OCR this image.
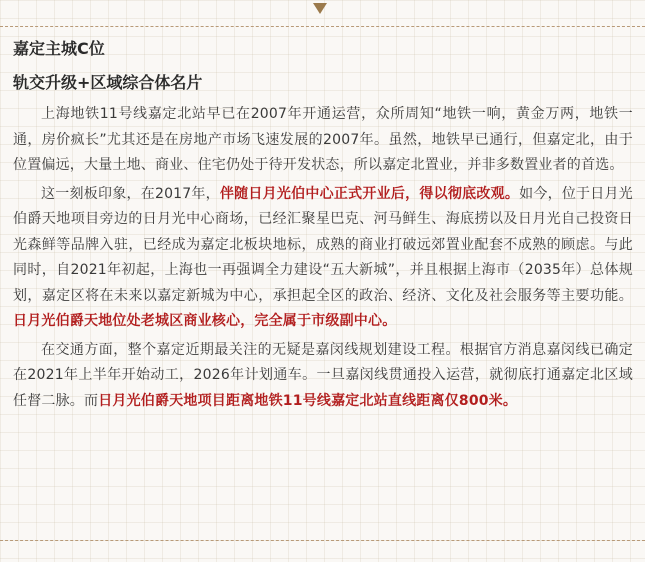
嘉定主城C位
轨交升级+区域综合体名片

上海地铁11号线嘉定北站早已在2007年开通运营，众所周知“地铁一响，黄金万两，地铁一通，房价疯长”尤其还是在房地产市场飞速发展的2007年。虽然，地铁早已通行，但嘉定北，由于位置偏远，大量土地、商业、住宅仍处于待开发状态，所以嘉定北置业，并非多数置业者的首选。

这一刻板印象，在2017年，伴随日月光伯中心正式开业后，得以彻底改观。如今，位于日月光伯爵天地项目旁边的日月光中心商场，已经汇聚星巴克、河马鲜生、海底捞以及日月光自己投资日光森鲜等品牌入驻，已经成为嘉定北板块地标，成熟的商业打破远郊置业配套不成熟的顾虑。与此同时，自2021年初起，上海也一再强调全力建设“五大新城”，并且根据上海市（2035年）总体规划，嘉定区将在未来以嘉定新城为中心，承担起全区的政治、经济、文化及社会服务等主要功能。日月光伯爵天地位处老城区商业核心，完全属于市级副中心。

在交通方面，整个嘉定近期最关注的无疑是嘉闵线规划建设工程。根据官方消息嘉闵线已确定在2021年上半年开始动工，2026年计划通车。一旦嘉闵线贯通投入运营，就彻底打通嘉定北区域任督二脉。而日月光伯爵天地项目距离地铁11号线嘉定北站直线距离仅800米。
